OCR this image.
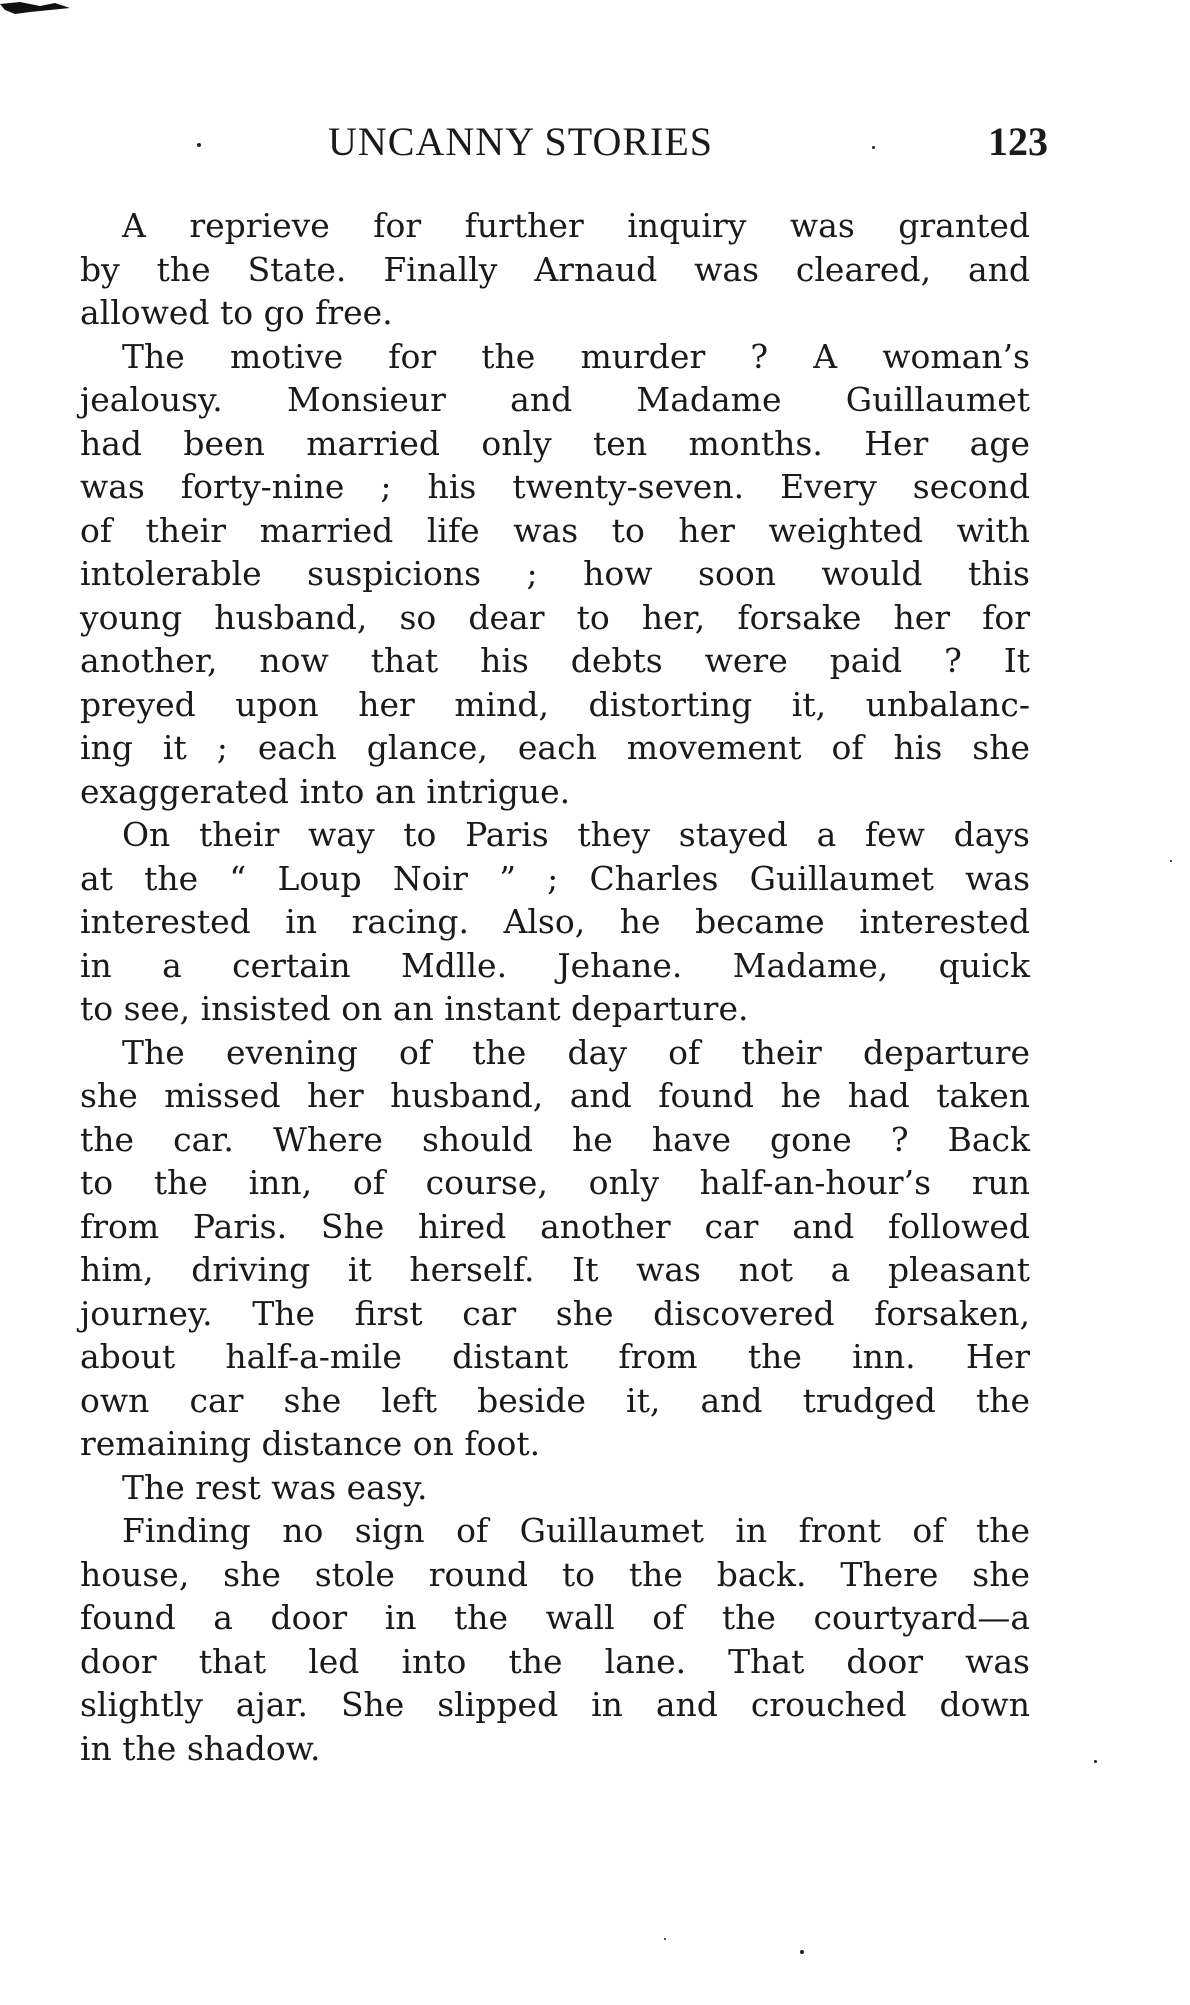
UNCANNY STORIES	123
A reprieve for further inquiry was granted
by the State. Finally Arnaud was cleared, and
allowed to go free.
The motive for the murder ? A woman’s
jealousy. Monsieur and Madame Guillaumet
had been married only ten months. Her age
was forty-nine ; his twenty-seven. Every second
of their married life was to her weighted with
intolerable suspicions ; how soon would this
young husband, so dear to her, forsake her for
another, now that his debts were paid ? It
preyed upon her mind, distorting it, unbalanc-
ing it ; each glance, each movement of his she
exaggerated into an intrigue.
On their way to Paris they stayed a few days
at the “ Loup Noir ” ; Charles Guillaumet was
interested in racing. Also, he became interested
in a certain Mdlle. Jehane. Madame, quick
to see, insisted on an instant departure.
The evening of the day of their departure
she missed her husband, and found he had taken
the car. Where should he have gone ? Back
to the inn, of course, only half-an-hour’s run
from Paris. She hired another car and followed
him, driving it herself. It was not a pleasant
journey. The first car she discovered forsaken,
about half-a-mile distant from the inn. Her
own car she left beside it, and trudged the
remaining distance on foot.
The rest was easy.
Finding no sign of Guillaumet in front of the
house, she stole round to the back. There she
found a door in the wall of the courtyard—a
door that led into the lane. That door was
slightly ajar. She slipped in and crouched down
in the shadow.
